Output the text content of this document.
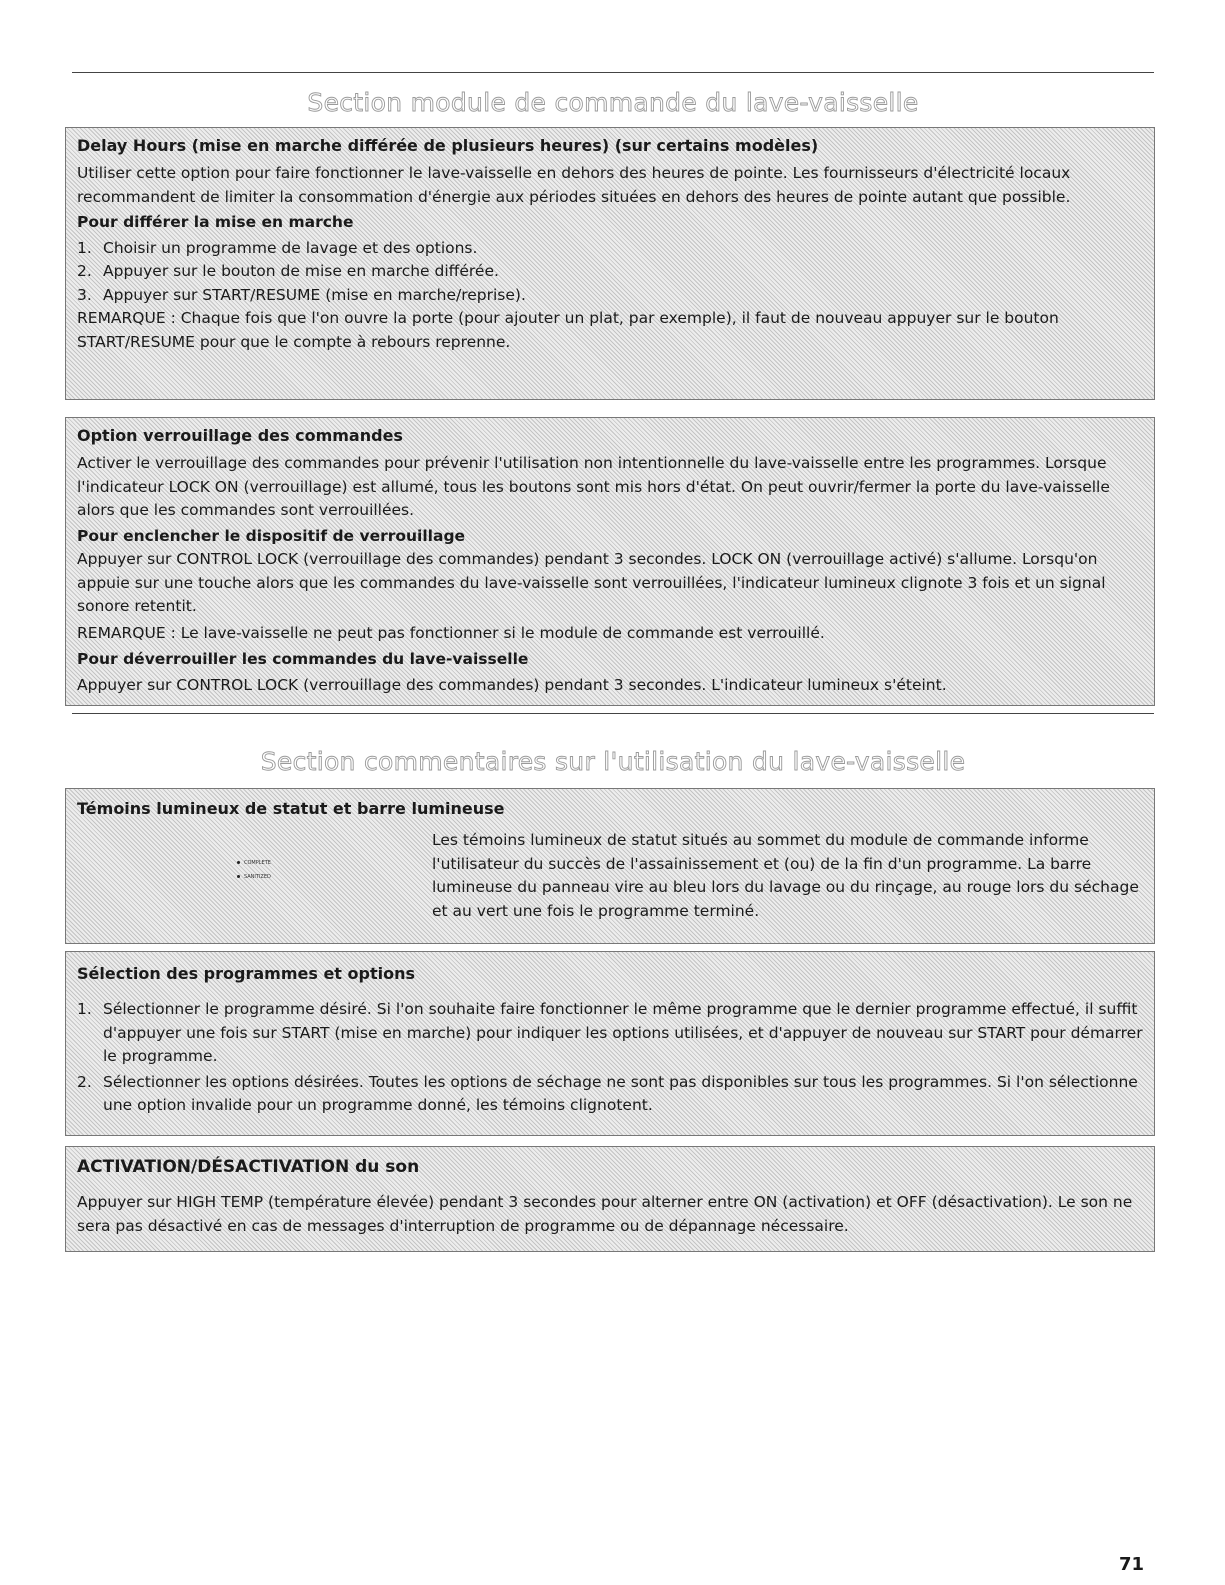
Section module de commande du lave-vaisselle

Delay Hours (mise en marche différée de plusieurs heures) (sur certains modèles)

Utiliser cette option pour faire fonctionner le lave-vaisselle en dehors des heures de pointe. Les fournisseurs d'électricité locaux recommandent de limiter la consommation d'énergie aux périodes situées en dehors des heures de pointe autant que possible.

Pour différer la mise en marche

1. Choisir un programme de lavage et des options.
2. Appuyer sur le bouton de mise en marche différée.
3. Appuyer sur START/RESUME (mise en marche/reprise).

REMARQUE : Chaque fois que l'on ouvre la porte (pour ajouter un plat, par exemple), il faut de nouveau appuyer sur le bouton START/RESUME pour que le compte à rebours reprenne.

Option verrouillage des commandes

Activer le verrouillage des commandes pour prévenir l'utilisation non intentionnelle du lave-vaisselle entre les programmes. Lorsque l'indicateur LOCK ON (verrouillage) est allumé, tous les boutons sont mis hors d'état. On peut ouvrir/fermer la porte du lave-vaisselle alors que les commandes sont verrouillées.

Pour enclencher le dispositif de verrouillage

Appuyer sur CONTROL LOCK (verrouillage des commandes) pendant 3 secondes. LOCK ON (verrouillage activé) s'allume. Lorsqu'on appuie sur une touche alors que les commandes du lave-vaisselle sont verrouillées, l'indicateur lumineux clignote 3 fois et un signal sonore retentit.

REMARQUE : Le lave-vaisselle ne peut pas fonctionner si le module de commande est verrouillé.

Pour déverrouiller les commandes du lave-vaisselle

Appuyer sur CONTROL LOCK (verrouillage des commandes) pendant 3 secondes. L'indicateur lumineux s'éteint.

Section commentaires sur l'utilisation du lave-vaisselle

Témoins lumineux de statut et barre lumineuse

COMPLETE
SANITIZED

Les témoins lumineux de statut situés au sommet du module de commande informe l'utilisateur du succès de l'assainissement et (ou) de la fin d'un programme. La barre lumineuse du panneau vire au bleu lors du lavage ou du rinçage, au rouge lors du séchage et au vert une fois le programme terminé.

Sélection des programmes et options

1. Sélectionner le programme désiré. Si l'on souhaite faire fonctionner le même programme que le dernier programme effectué, il suffit d'appuyer une fois sur START (mise en marche) pour indiquer les options utilisées, et d'appuyer de nouveau sur START pour démarrer le programme.
2. Sélectionner les options désirées. Toutes les options de séchage ne sont pas disponibles sur tous les programmes. Si l'on sélectionne une option invalide pour un programme donné, les témoins clignotent.

ACTIVATION/DÉSACTIVATION du son

Appuyer sur HIGH TEMP (température élevée) pendant 3 secondes pour alterner entre ON (activation) et OFF (désactivation). Le son ne sera pas désactivé en cas de messages d'interruption de programme ou de dépannage nécessaire.

71
